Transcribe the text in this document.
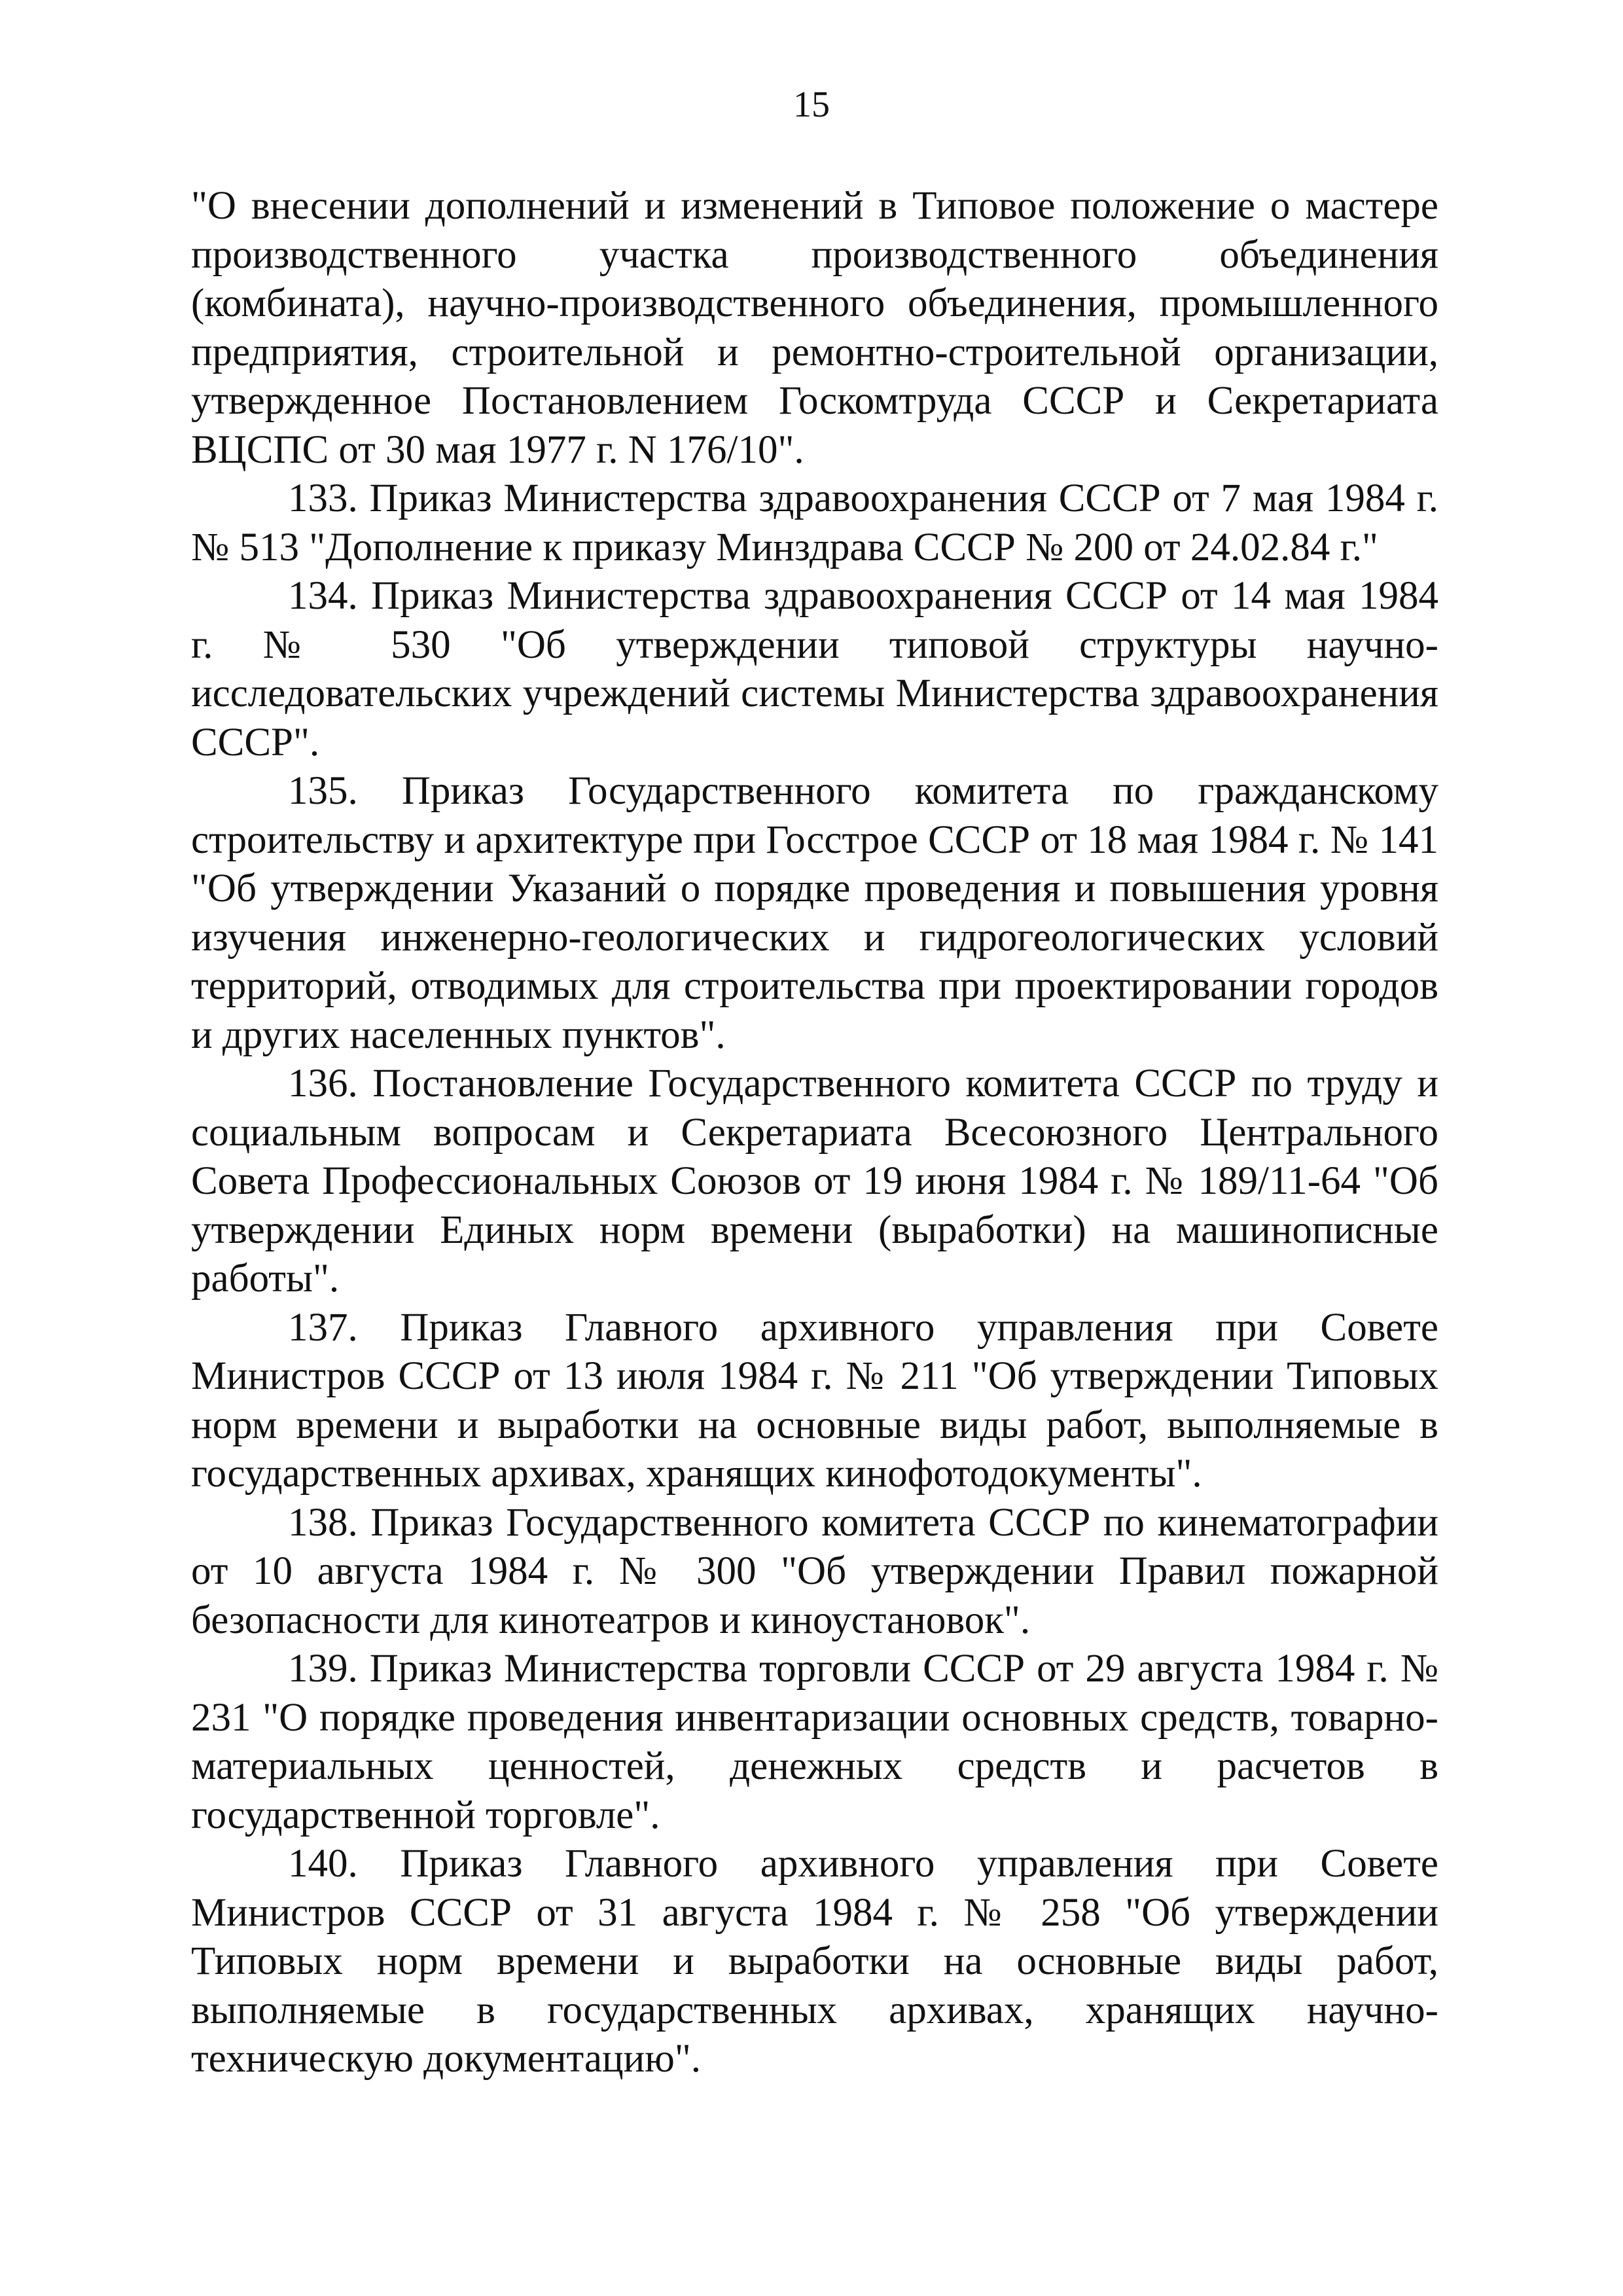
15

"О внесении дополнений и изменений в Типовое положение о мастере производственного участка производственного объединения (комбината), научно-производственного объединения, промышленного предприятия, строительной и ремонтно-строительной организации, утвержденное Постановлением Госкомтруда СССР и Секретариата ВЦСПС от 30 мая 1977 г. N 176/10".

133. Приказ Министерства здравоохранения СССР от 7 мая 1984 г. № 513 "Дополнение к приказу Минздрава СССР № 200 от 24.02.84 г."

134. Приказ Министерства здравоохранения СССР от 14 мая 1984 г. № 530 "Об утверждении типовой структуры научно-исследовательских учреждений системы Министерства здравоохранения СССР".

135. Приказ Государственного комитета по гражданскому строительству и архитектуре при Госстрое СССР от 18 мая 1984 г. № 141 "Об утверждении Указаний о порядке проведения и повышения уровня изучения инженерно-геологических и гидрогеологических условий территорий, отводимых для строительства при проектировании городов и других населенных пунктов".

136. Постановление Государственного комитета СССР по труду и социальным вопросам и Секретариата Всесоюзного Центрального Совета Профессиональных Союзов от 19 июня 1984 г. № 189/11-64 "Об утверждении Единых норм времени (выработки) на машинописные работы".

137. Приказ Главного архивного управления при Совете Министров СССР от 13 июля 1984 г. № 211 "Об утверждении Типовых норм времени и выработки на основные виды работ, выполняемые в государственных архивах, хранящих кинофотодокументы".

138. Приказ Государственного комитета СССР по кинематографии от 10 августа 1984 г. № 300 "Об утверждении Правил пожарной безопасности для кинотеатров и киноустановок".

139. Приказ Министерства торговли СССР от 29 августа 1984 г. № 231 "О порядке проведения инвентаризации основных средств, товарно-материальных ценностей, денежных средств и расчетов в государственной торговле".

140. Приказ Главного архивного управления при Совете Министров СССР от 31 августа 1984 г. № 258 "Об утверждении Типовых норм времени и выработки на основные виды работ, выполняемые в государственных архивах, хранящих научно-техническую документацию".
